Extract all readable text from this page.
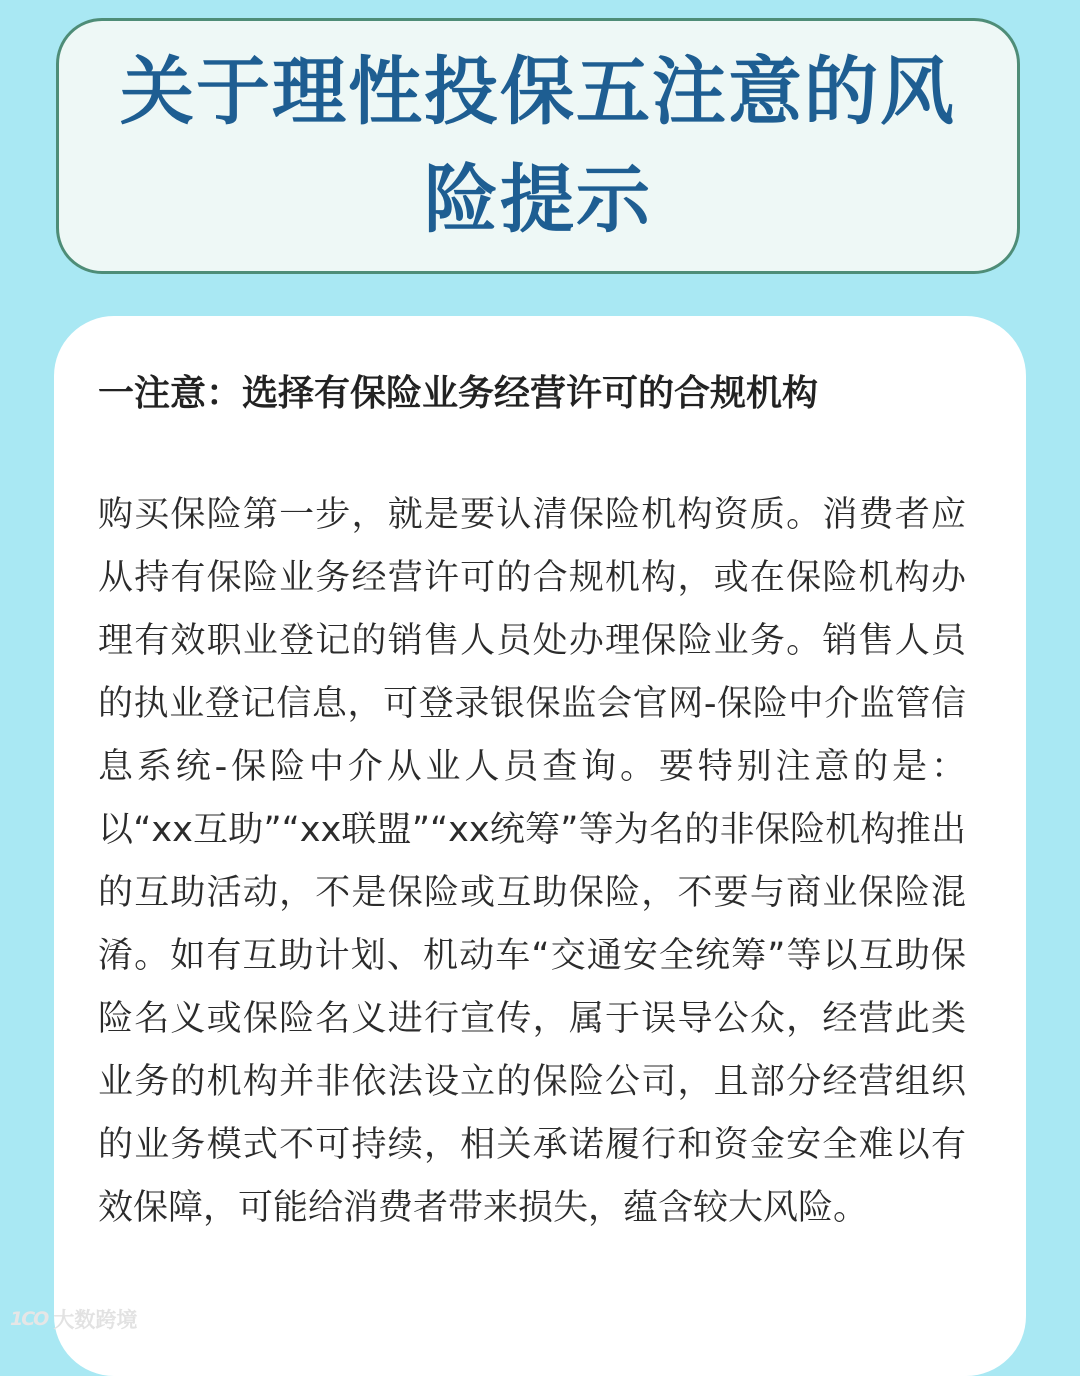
关于理性投保五注意的风险提示
一注意：选择有保险业务经营许可的合规机构

购买保险第一步，就是要认清保险机构资质。消费者应从持有保险业务经营许可的合规机构，或在保险机构办理有效职业登记的销售人员处办理保险业务。销售人员的执业登记信息，可登录银保监会官网-保险中介监管信息系统-保险中介从业人员查询。要特别注意的是：以“xx互助”“xx联盟”“xx统筹”等为名的非保险机构推出的互助活动，不是保险或互助保险，不要与商业保险混淆。如有互助计划、机动车“交通安全统筹”等以互助保险名义或保险名义进行宣传，属于误导公众，经营此类业务的机构并非依法设立的保险公司，且部分经营组织的业务模式不可持续，相关承诺履行和资金安全难以有效保障，可能给消费者带来损失，蕴含较大风险。

1CO 大数跨境
